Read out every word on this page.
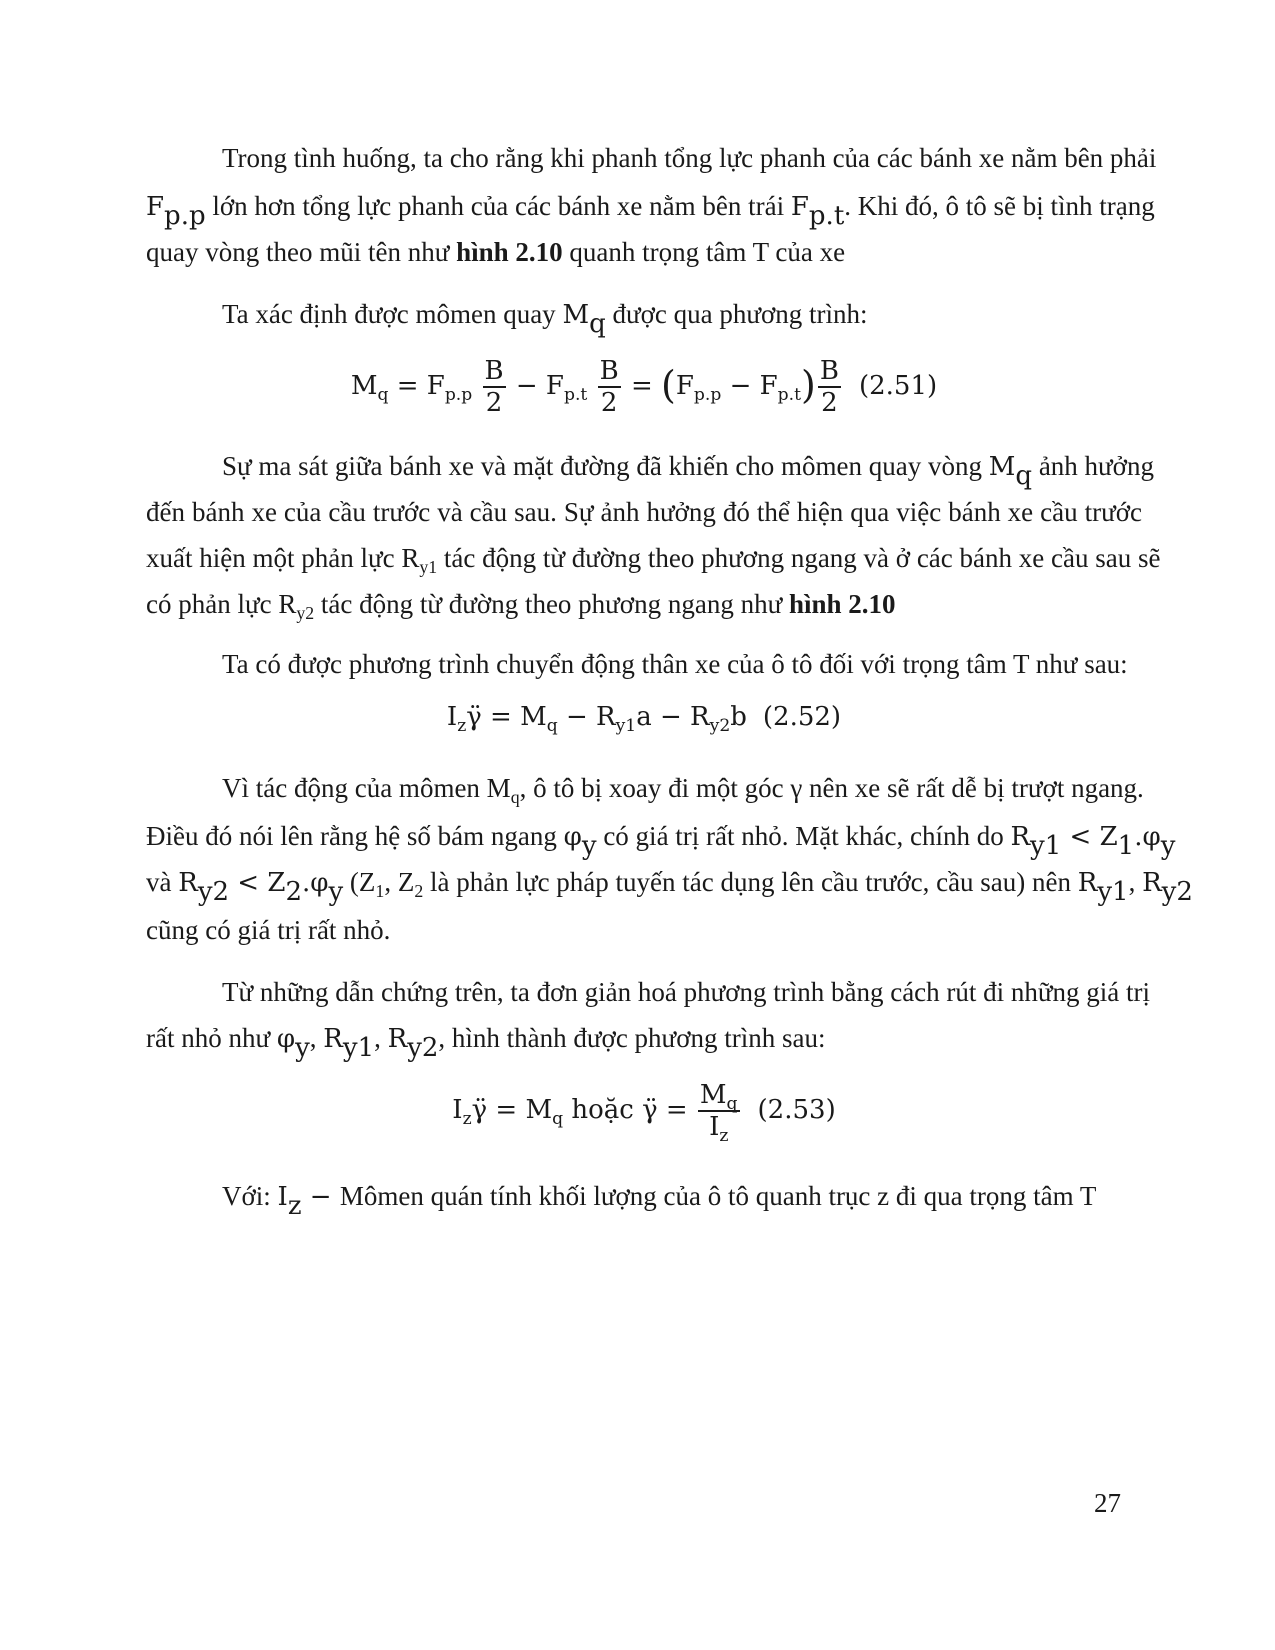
Trong tình huống, ta cho rằng khi phanh tổng lực phanh của các bánh xe nằm bên phải
$F_{p.p}$ lớn hơn tổng lực phanh của các bánh xe nằm bên trái $F_{p.t}$. Khi đó, ô tô sẽ bị tình trạng
quay vòng theo mũi tên như hình 2.10 quanh trọng tâm T của xe
Ta xác định được mômen quay $M_q$ được qua phương trình:
$M_q = F_{p.p} \frac{B}{2} - F_{p.t} \frac{B}{2} = (F_{p.p} - F_{p.t}) \frac{B}{2} (2.51)$
Sự ma sát giữa bánh xe và mặt đường đã khiến cho mômen quay vòng $M_q$ ảnh hưởng
đến bánh xe của cầu trước và cầu sau. Sự ảnh hưởng đó thể hiện qua việc bánh xe cầu trước
xuất hiện một phản lực $R_{y1}$ tác động từ đường theo phương ngang và ở các bánh xe cầu sau sẽ
có phản lực $R_{y2}$ tác động từ đường theo phương ngang như hình 2.10
Ta có được phương trình chuyển động thân xe của ô tô đối với trọng tâm T như sau:
$I_z\gammä = M_q - R_{y1}a - R_{y2}b$ (2.52)
Vì tác động của mômen $M_q$, ô tô bị xoay đi một góc γ nên xe sẽ rất dễ bị trượt ngang.
Điều đó nói lên rằng hệ số bám ngang $\varphi_y$ có giá trị rất nhỏ. Mặt khác, chính do $R_{y1} < Z_1.\varphi_y$
và $R_{y2} < Z_2.\varphi_y$ ($Z_1$, $Z_2$ là phản lực pháp tuyến tác dụng lên cầu trước, cầu sau) nên $R_{y1}$, $R_{y2}$
cũng có giá trị rất nhỏ.
Từ những dẫn chứng trên, ta đơn giản hoá phương trình bằng cách rút đi những giá trị
rất nhỏ như $\varphi_y$, $R_{y1}$, $R_{y2}$, hình thành được phương trình sau:
$I_z\gammä = M_q$ hoặc γ̈ = $\frac{M_q}{I_z} (2.53)$
Với: $I_z$ − Mômen quán tính khối lượng của ô tô quanh trục z đi qua trọng tâm T
27
